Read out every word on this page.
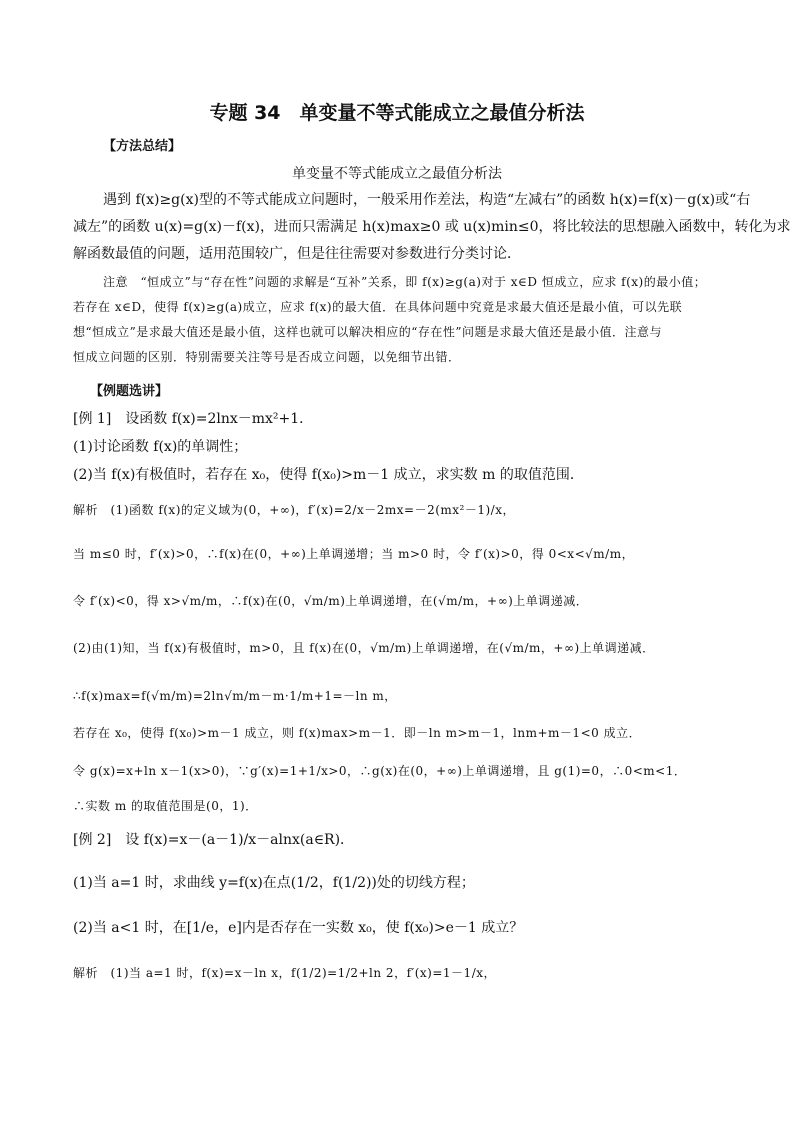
专题 34　单变量不等式能成立之最值分析法
【方法总结】
单变量不等式能成立之最值分析法
遇到 f(x)≥g(x)型的不等式能成立问题时，一般采用作差法，构造“左减右”的函数 h(x)=f(x)－g(x)或“右
减左”的函数 u(x)=g(x)－f(x)，进而只需满足 h(x)max≥0 或 u(x)min≤0，将比较法的思想融入函数中，转化为求
解函数最值的问题，适用范围较广，但是往往需要对参数进行分类讨论．
注意　“恒成立”与“存在性”问题的求解是“互补”关系，即 f(x)≥g(a)对于 x∈D 恒成立，应求 f(x)的最小值；
若存在 x∈D，使得 f(x)≥g(a)成立，应求 f(x)的最大值．在具体问题中究竟是求最大值还是最小值，可以先联
想“恒成立”是求最大值还是最小值，这样也就可以解决相应的“存在性”问题是求最大值还是最小值．注意与
恒成立问题的区别．特别需要关注等号是否成立问题，以免细节出错．
【例题选讲】
[例 1]　设函数 f(x)=2lnx－mx²+1．
(1)讨论函数 f(x)的单调性；
(2)当 f(x)有极值时，若存在 x₀，使得 f(x₀)>m－1 成立，求实数 m 的取值范围．
解析　(1)函数 f(x)的定义域为(0，+∞)，f′(x)=2/x－2mx=－2(mx²－1)/x，
当 m≤0 时，f′(x)>0，∴f(x)在(0，+∞)上单调递增；当 m>0 时，令 f′(x)>0，得 0<x<√m/m，
令 f′(x)<0，得 x>√m/m，∴f(x)在(0，√m/m)上单调递增，在(√m/m，+∞)上单调递减．
(2)由(1)知，当 f(x)有极值时，m>0，且 f(x)在(0，√m/m)上单调递增，在(√m/m，+∞)上单调递减．
∴f(x)max=f(√m/m)=2ln√m/m－m·1/m+1=－ln m，
若存在 x₀，使得 f(x₀)>m－1 成立，则 f(x)max>m－1．即－ln m>m－1，lnm+m－1<0 成立．
令 g(x)=x+ln x－1(x>0)，∵g′(x)=1+1/x>0，∴g(x)在(0，+∞)上单调递增，且 g(1)=0，∴0<m<1．
∴实数 m 的取值范围是(0，1)．
[例 2]　设 f(x)=x－(a－1)/x－alnx(a∈R)．
(1)当 a=1 时，求曲线 y=f(x)在点(1/2，f(1/2))处的切线方程；
(2)当 a<1 时，在[1/e，e]内是否存在一实数 x₀，使 f(x₀)>e－1 成立？
解析　(1)当 a=1 时，f(x)=x－ln x，f(1/2)=1/2+ln 2，f′(x)=1－1/x，
